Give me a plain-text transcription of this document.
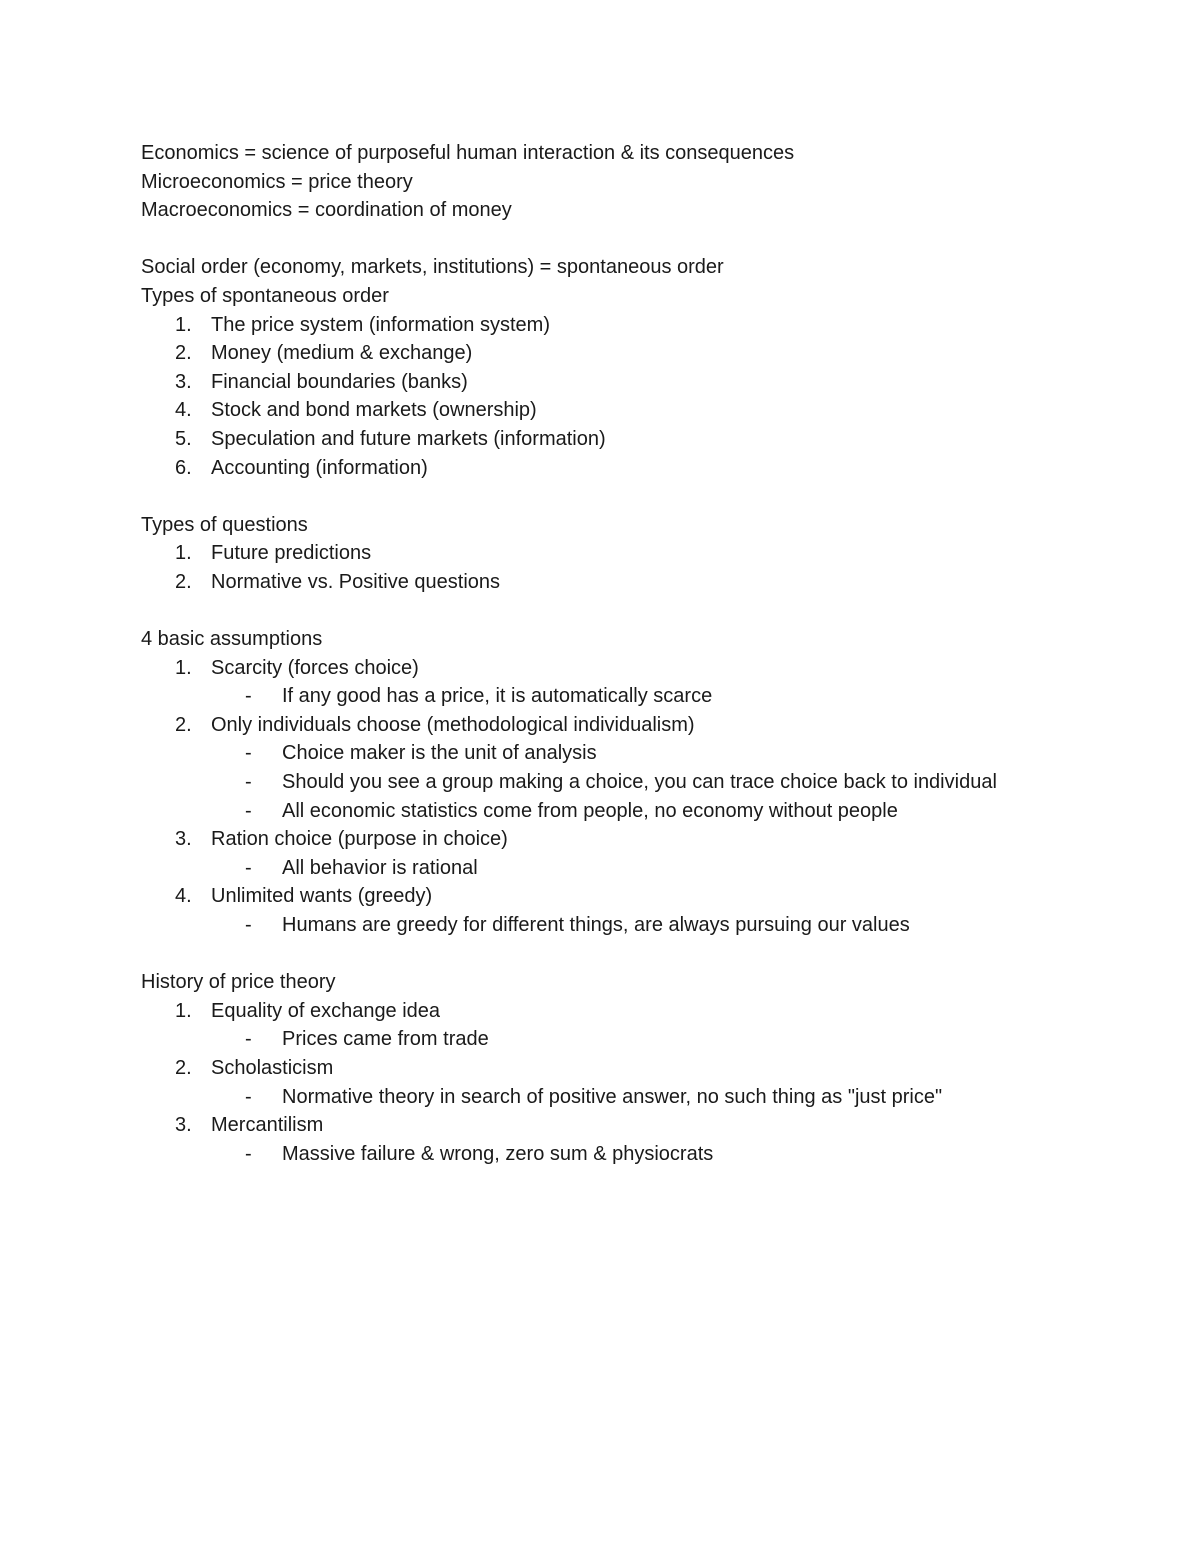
Economics = science of purposeful human interaction & its consequences
Microeconomics = price theory
Macroeconomics = coordination of money
Social order (economy, markets, institutions) = spontaneous order
Types of spontaneous order
1. The price system (information system)
2. Money (medium & exchange)
3. Financial boundaries (banks)
4. Stock and bond markets (ownership)
5. Speculation and future markets (information)
6. Accounting (information)
Types of questions
1. Future predictions
2. Normative vs. Positive questions
4 basic assumptions
1. Scarcity (forces choice)
- If any good has a price, it is automatically scarce
2. Only individuals choose (methodological individualism)
- Choice maker is the unit of analysis
- Should you see a group making a choice, you can trace choice back to individual
- All economic statistics come from people, no economy without people
3. Ration choice (purpose in choice)
- All behavior is rational
4. Unlimited wants (greedy)
- Humans are greedy for different things, are always pursuing our values
History of price theory
1. Equality of exchange idea
- Prices came from trade
2. Scholasticism
- Normative theory in search of positive answer, no such thing as "just price"
3. Mercantilism
- Massive failure & wrong, zero sum & physiocrats
